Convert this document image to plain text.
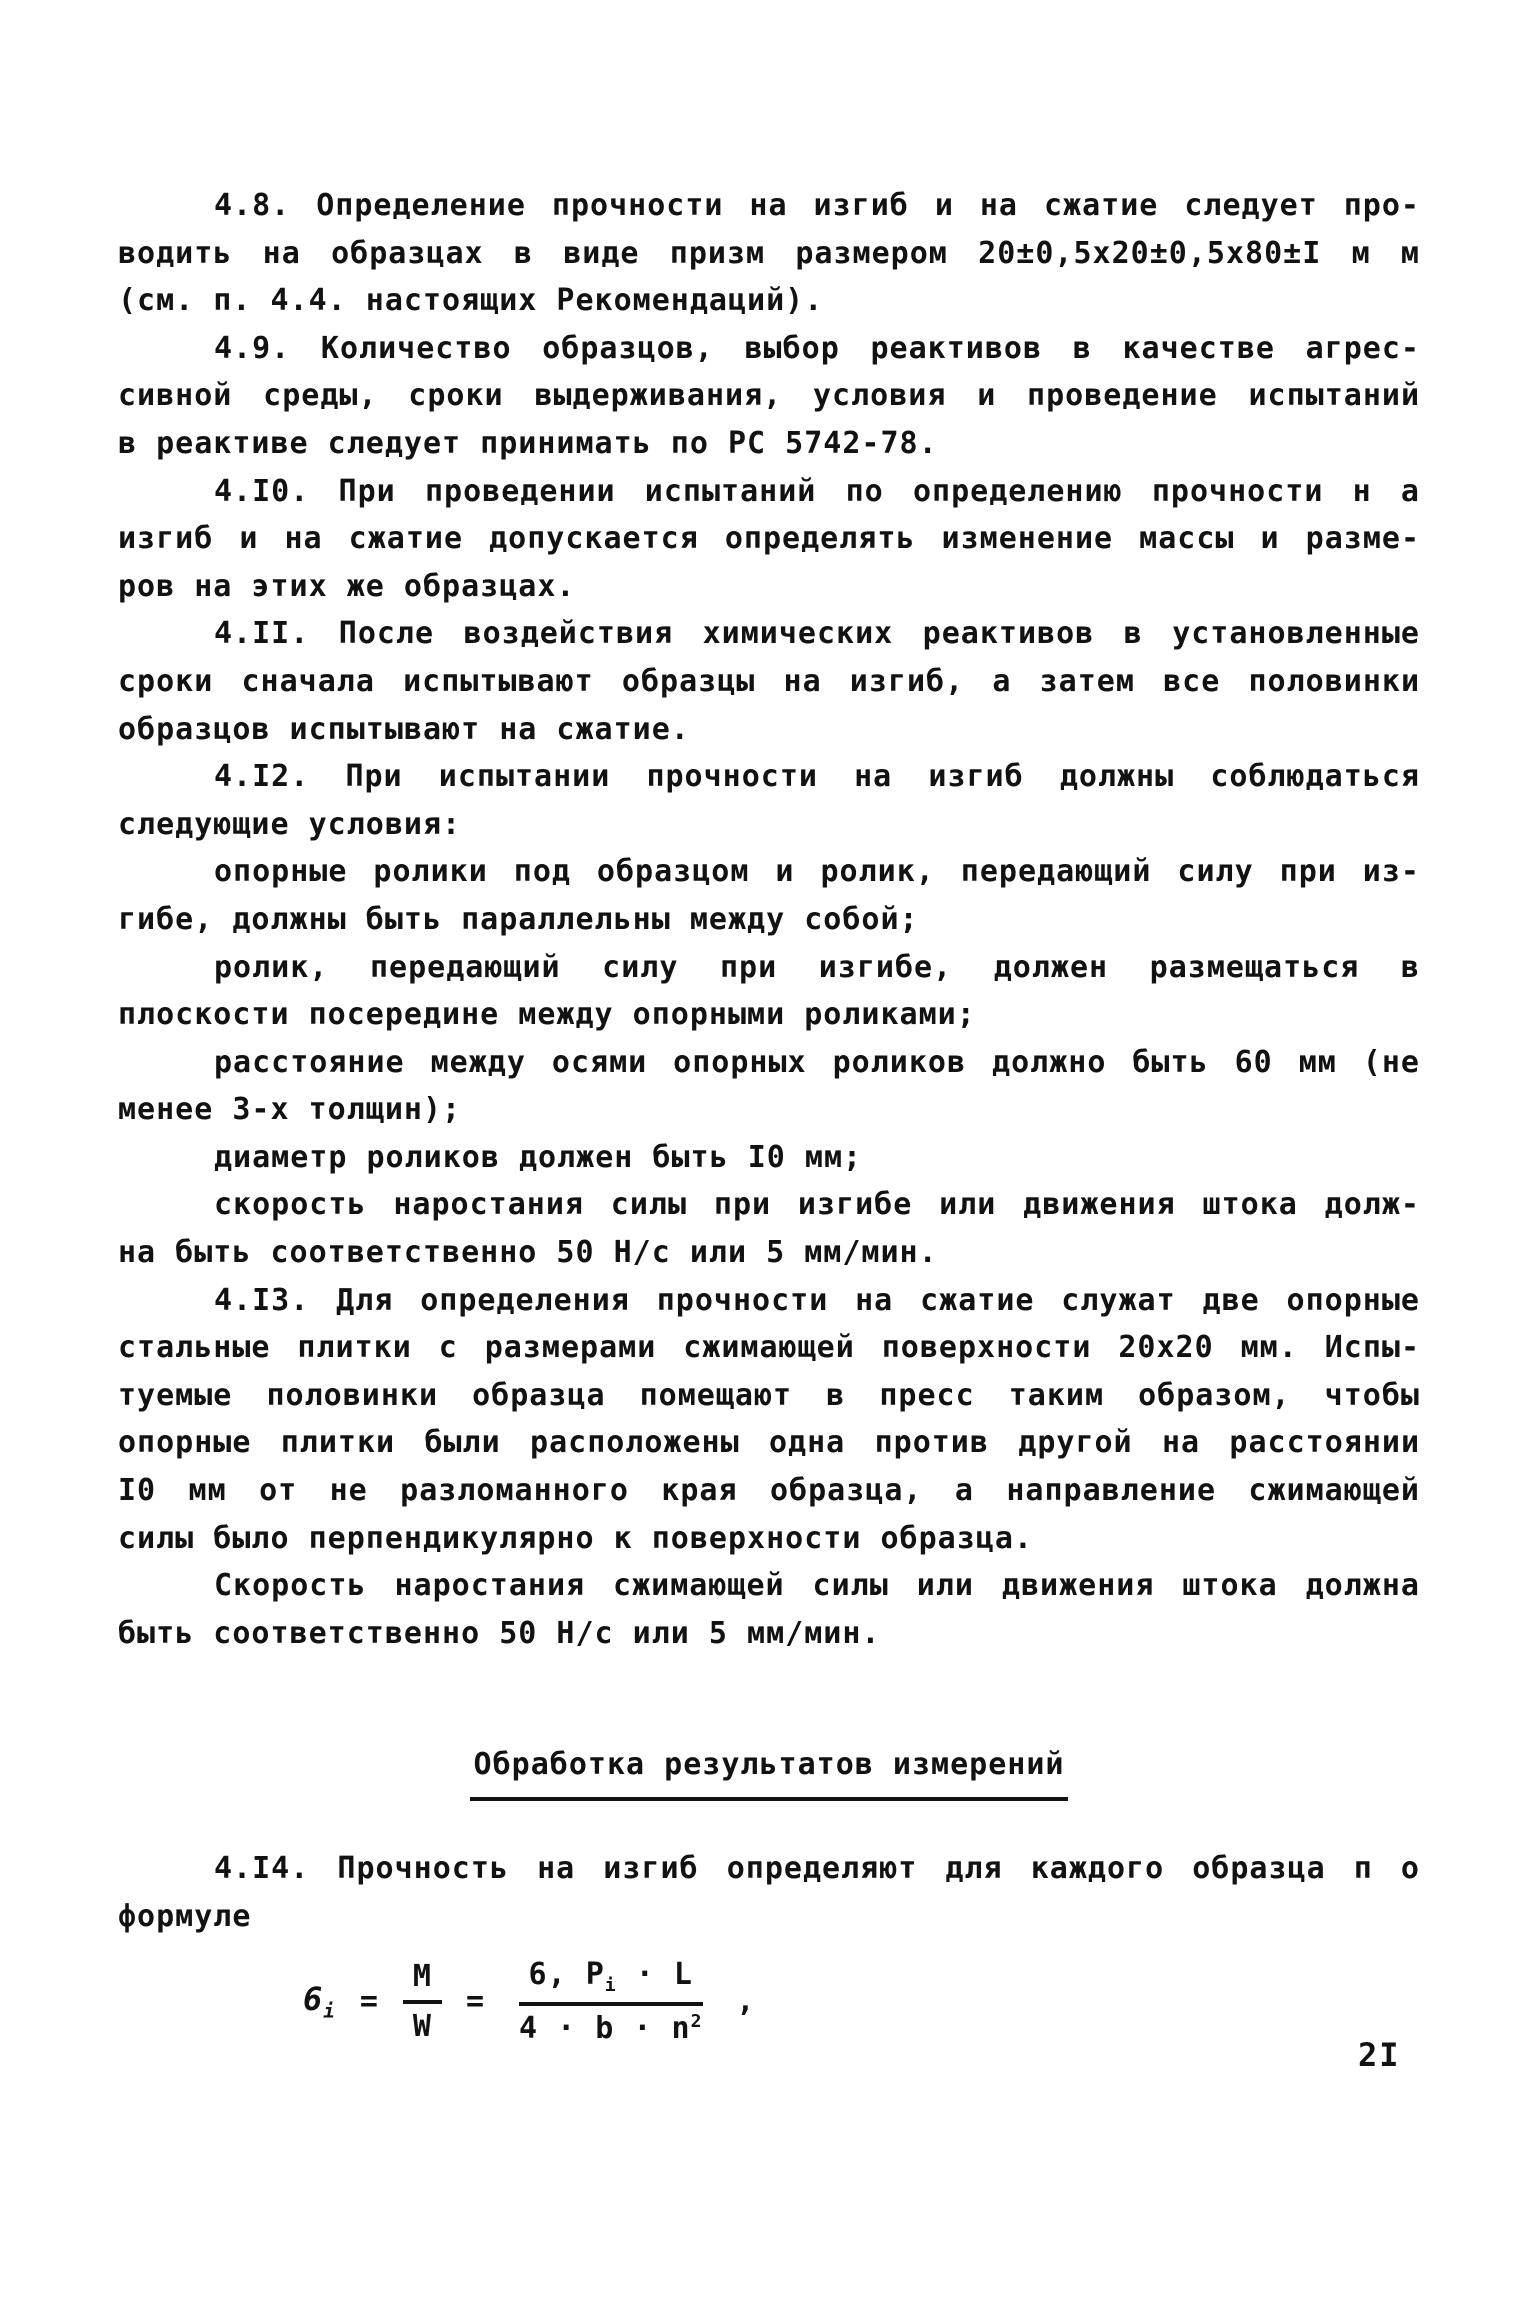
4.8. Определение прочности на изгиб и на сжатие следует про-
водить на образцах в виде призм размером 20±0,5х20±0,5х80±I м м
(см. п. 4.4. настоящих Рекомендаций).
4.9. Количество образцов, выбор реактивов в качестве агрес-
сивной среды, сроки выдерживания, условия и проведение испытаний
в реактиве следует принимать по РС 5742-78.
4.I0. При проведении испытаний по определению прочности н а
изгиб и на сжатие допускается определять изменение массы и разме-
ров на этих же образцах.
4.II. После воздействия химических реактивов в установленные
сроки сначала испытывают образцы на изгиб, а затем все половинки
образцов испытывают на сжатие.
4.I2. При испытании прочности на изгиб должны соблюдаться
следующие условия:
опорные ролики под образцом и ролик, передающий силу при из-
гибе, должны быть параллельны между собой;
ролик, передающий силу при изгибе, должен размещаться в
плоскости посередине между опорными роликами;
расстояние между осями опорных роликов должно быть 60 мм (не
менее 3-х толщин);
диаметр роликов должен быть I0 мм;
скорость наростания силы при изгибе или движения штока долж-
на быть соответственно 50 Н/с или 5 мм/мин.
4.I3. Для определения прочности на сжатие служат две опорные
стальные плитки с размерами сжимающей поверхности 20х20 мм. Испы-
туемые половинки образца помещают в пресс таким образом, чтобы
опорные плитки были расположены одна против другой на расстоянии
I0 мм от не разломанного края образца, а направление сжимающей
силы было перпендикулярно к поверхности образца.
Скорость наростания сжимающей силы или движения штока должна
быть соответственно 50 Н/с или 5 мм/мин.
Обработка результатов измерений
4.I4. Прочность на изгиб определяют для каждого образца п о
формуле
$6_i = \frac{M}{W} = \frac{6, P_i \cdot L}{4 \cdot b \cdot n^2}$ ,
2I
